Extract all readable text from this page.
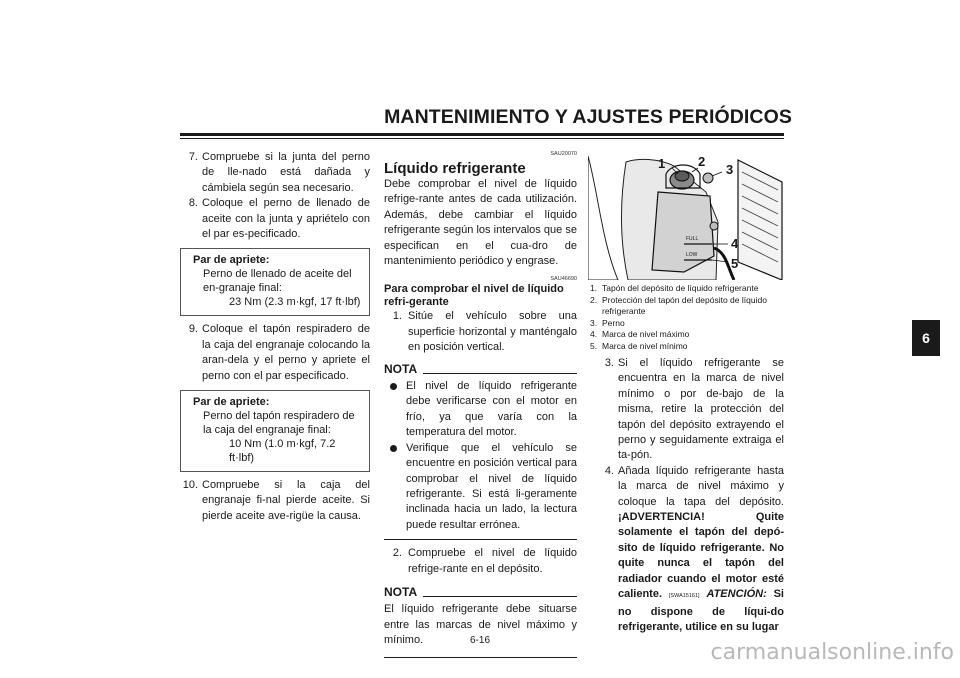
MANTENIMIENTO Y AJUSTES PERIÓDICOS
7. Compruebe si la junta del perno de lle-nado está dañada y cámbiela según sea necesario.
8. Coloque el perno de llenado de aceite con la junta y apriételo con el par es-pecificado.
Par de apriete:
Perno de llenado de aceite del en-granaje final:
23 Nm (2.3 m·kgf, 17 ft·lbf)
9. Coloque el tapón respiradero de la caja del engranaje colocando la aran-dela y el perno y apriete el perno con el par especificado.
Par de apriete:
Perno del tapón respiradero de la caja del engranaje final:
10 Nm (1.0 m·kgf, 7.2 ft·lbf)
10. Compruebe si la caja del engranaje fi-nal pierde aceite. Si pierde aceite ave-rigüe la causa.
SAU20070
Líquido refrigerante

Debe comprobar el nivel de líquido refrige-rante antes de cada utilización. Además, debe cambiar el líquido refrigerante según los intervalos que se especifican en el cua-dro de mantenimiento periódico y engrase.

SAU46690
Para comprobar el nivel de líquido refri-gerante
1. Sitúe el vehículo sobre una superficie horizontal y manténgalo en posición vertical.
NOTA
El nivel de líquido refrigerante debe verificarse con el motor en frío, ya que varía con la temperatura del motor.
Verifique que el vehículo se encuentre en posición vertical para comprobar el nivel de líquido refrigerante. Si está li-geramente inclinada hacia un lado, la lectura puede resultar errónea.
2. Compruebe el nivel de líquido refrige-rante en el depósito.
NOTA

El líquido refrigerante debe situarse entre las marcas de nivel máximo y mínimo.

1	2
3
4
5
FULL
LOW
1. Tapón del depósito de líquido refrigerante
2. Protección del tapón del depósito de líquido refrigerante
3. Perno
4. Marca de nivel máximo
5. Marca de nivel mínimo
3. Si el líquido refrigerante se encuentra en la marca de nivel mínimo o por de-bajo de la misma, retire la protección del tapón del depósito extrayendo el perno y seguidamente extraiga el ta-pón.
4. Añada líquido refrigerante hasta la marca de nivel máximo y coloque la tapa del depósito. ¡ADVERTENCIA! Quite solamente el tapón del depó-sito de líquido refrigerante. No quite nunca el tapón del radiador cuando el motor esté caliente. [SWA15161] ATENCIÓN: Si no dispone de líqui-do refrigerante, utilice en su lugar
6
6-16	carmanualsonline.info
